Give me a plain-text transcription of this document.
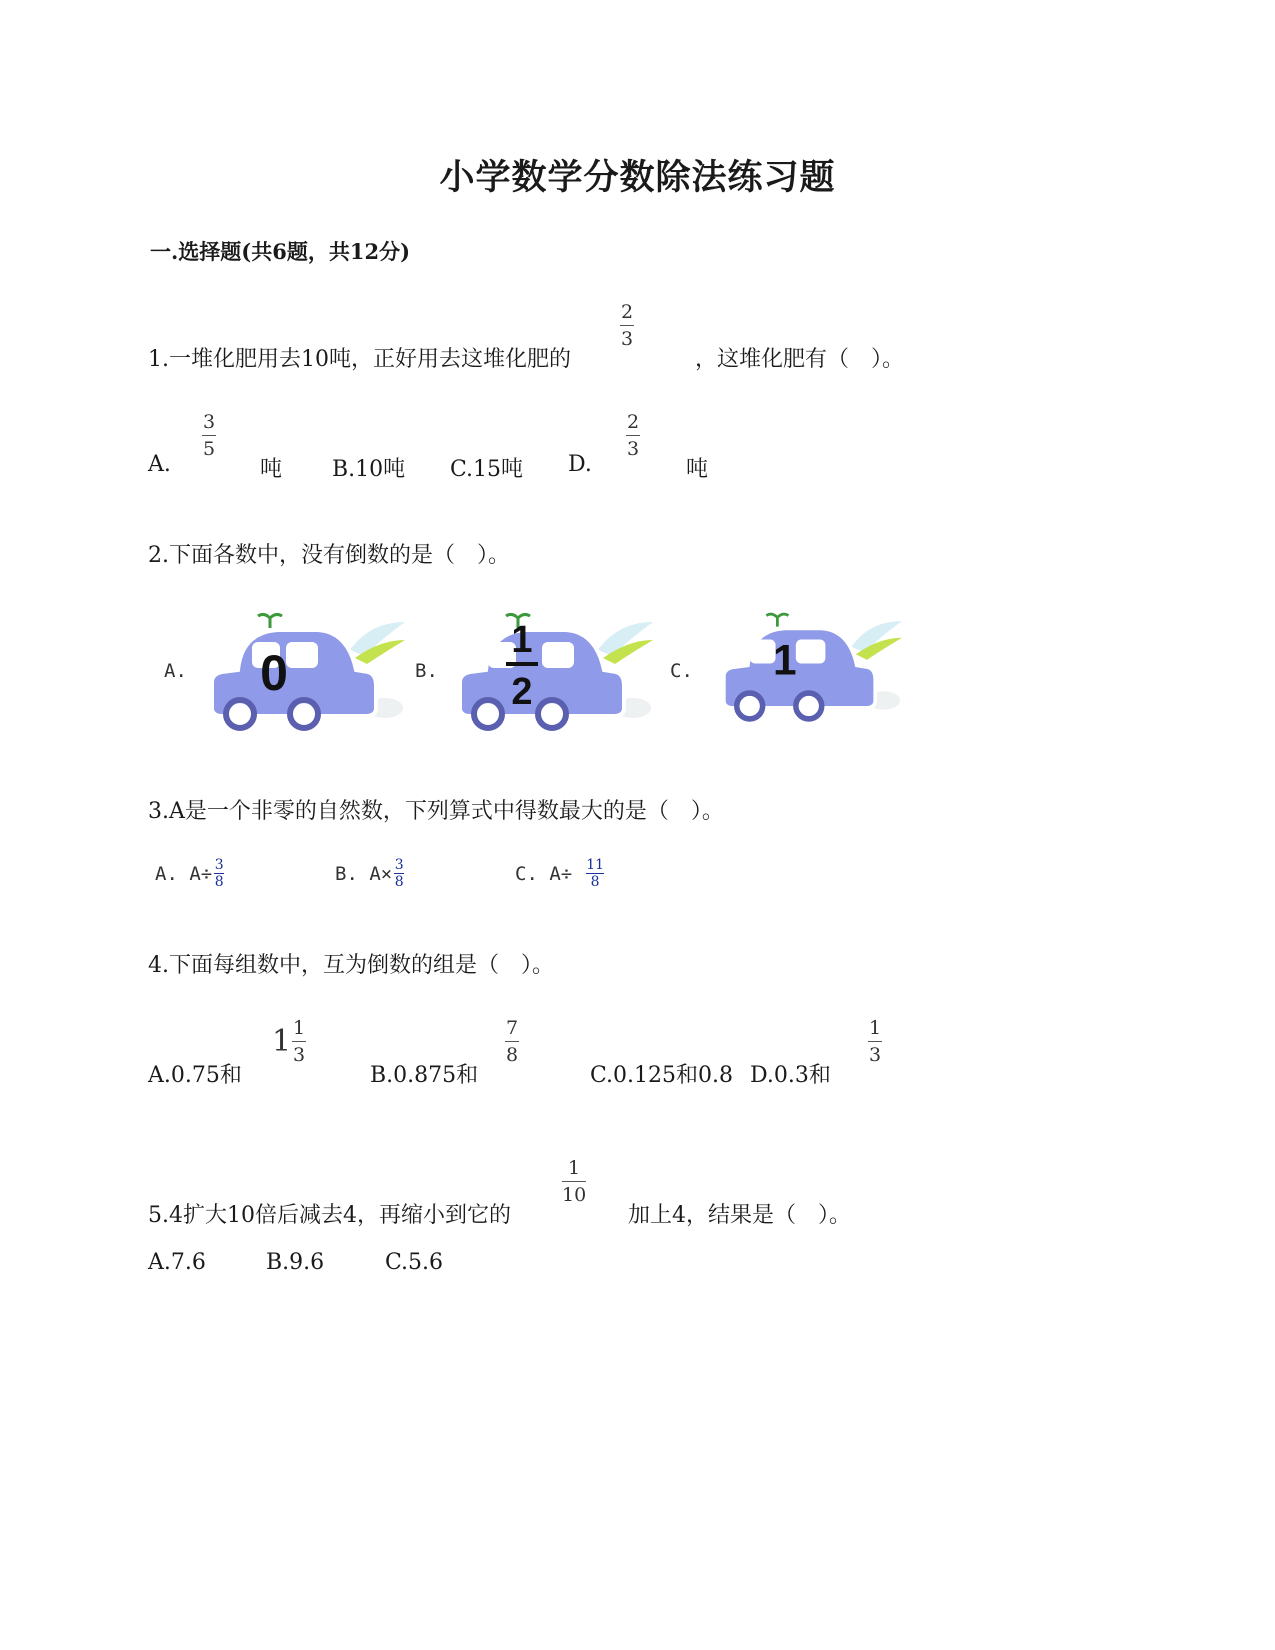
小学数学分数除法练习题
一.选择题(共6题，共12分)
1.一堆化肥用去10吨，正好用去这堆化肥的
2
3
，这堆化肥有（　）。
A.
3
5
吨 B.10吨 C.15吨 D.
2
3
吨
2.下面各数中，没有倒数的是（　）。
A. 0	B.
1
2	C. 1
3.A是一个非零的自然数，下列算式中得数最大的是（　）。
A. $A\div \frac{3}{8}$	B. $A\times \frac{3}{8}$	C. $A\div \frac{11}{8}$
4.下面每组数中，互为倒数的组是（　）。
A.0.75和
$1 \frac{1}{3}$
B.0.875和
7
8
C.0.125和0.8 D.0.3和
1
3
5.4扩大10倍后减去4，再缩小到它的
1
10
加上4，结果是（　）。
A.7.6	B.9.6	C.5.6
